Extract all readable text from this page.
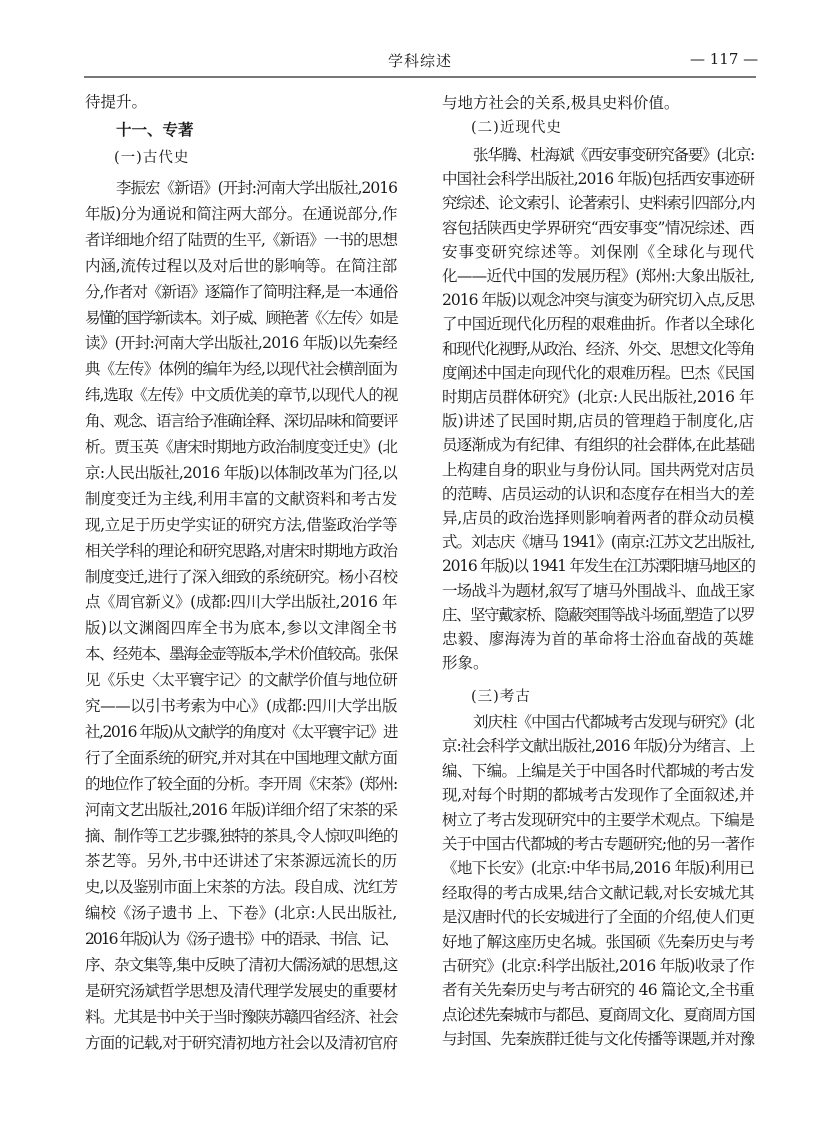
学科综述	— 117 —
待提升。
十一、专著
(一)古代史
李振宏《新语》(开封:河南大学出版社,2016
年版)分为通说和简注两大部分。在通说部分,作
者详细地介绍了陆贾的生平,《新语》一书的思想
内涵,流传过程以及对后世的影响等。在简注部
分,作者对《新语》逐篇作了简明注释,是一本通俗
易懂的国学新读本。刘子威、顾艳著《〈左传〉如是
读》(开封:河南大学出版社,2016 年版)以先秦经
典《左传》体例的编年为经,以现代社会横剖面为
纬,选取《左传》中文质优美的章节,以现代人的视
角、观念、语言给予准确诠释、深切品味和简要评
析。贾玉英《唐宋时期地方政治制度变迁史》(北
京:人民出版社,2016 年版)以体制改革为门径,以
制度变迁为主线,利用丰富的文献资料和考古发
现,立足于历史学实证的研究方法,借鉴政治学等
相关学科的理论和研究思路,对唐宋时期地方政治
制度变迁,进行了深入细致的系统研究。杨小召校
点《周官新义》(成都:四川大学出版社,2016 年
版)以文渊阁四库全书为底本,参以文津阁全书
本、经苑本、墨海金壶等版本,学术价值较高。张保
见《乐史〈太平寰宇记〉的文献学价值与地位研
究——以引书考索为中心》(成都:四川大学出版
社,2016 年版)从文献学的角度对《太平寰宇记》进
行了全面系统的研究,并对其在中国地理文献方面
的地位作了较全面的分析。李开周《宋茶》(郑州:
河南文艺出版社,2016 年版)详细介绍了宋茶的采
摘、制作等工艺步骤,独特的茶具,令人惊叹叫绝的
茶艺等。另外,书中还讲述了宋茶源远流长的历
史,以及鉴别市面上宋茶的方法。段自成、沈红芳
编校《汤子遗书 上、下卷》(北京:人民出版社,
2016 年版)认为《汤子遗书》中的语录、书信、记、
序、杂文集等,集中反映了清初大儒汤斌的思想,这
是研究汤斌哲学思想及清代理学发展史的重要材
料。尤其是书中关于当时豫陕苏赣四省经济、社会
方面的记载,对于研究清初地方社会以及清初官府
与地方社会的关系,极具史料价值。
(二)近现代史
张华腾、杜海斌《西安事变研究备要》(北京:
中国社会科学出版社,2016 年版)包括西安事迹研
究综述、论文索引、论著索引、史料索引四部分,内
容包括陕西史学界研究“西安事变”情况综述、西
安事变研究综述等。刘保刚《全球化与现代
化——近代中国的发展历程》(郑州:大象出版社,
2016 年版)以观念冲突与演变为研究切入点,反思
了中国近现代化历程的艰难曲折。作者以全球化
和现代化视野,从政治、经济、外交、思想文化等角
度阐述中国走向现代化的艰难历程。巴杰《民国
时期店员群体研究》(北京:人民出版社,2016 年
版)讲述了民国时期,店员的管理趋于制度化,店
员逐渐成为有纪律、有组织的社会群体,在此基础
上构建自身的职业与身份认同。国共两党对店员
的范畴、店员运动的认识和态度存在相当大的差
异,店员的政治选择则影响着两者的群众动员模
式。刘志庆《塘马 1941》(南京:江苏文艺出版社,
2016 年版)以 1941 年发生在江苏溧阳塘马地区的
一场战斗为题材,叙写了塘马外围战斗、血战王家
庄、坚守戴家桥、隐蔽突围等战斗场面,塑造了以罗
忠毅、廖海涛为首的革命将士浴血奋战的英雄
形象。
(三)考古
刘庆柱《中国古代都城考古发现与研究》(北
京:社会科学文献出版社,2016 年版)分为绪言、上
编、下编。上编是关于中国各时代都城的考古发
现,对每个时期的都城考古发现作了全面叙述,并
树立了考古发现研究中的主要学术观点。下编是
关于中国古代都城的考古专题研究;他的另一著作
《地下长安》(北京:中华书局,2016 年版)利用已
经取得的考古成果,结合文献记载,对长安城尤其
是汉唐时代的长安城进行了全面的介绍,使人们更
好地了解这座历史名城。张国硕《先秦历史与考
古研究》(北京:科学出版社,2016 年版)收录了作
者有关先秦历史与考古研究的 46 篇论文,全书重
点论述先秦城市与都邑、夏商周文化、夏商周方国
与封国、先秦族群迁徙与文化传播等课题,并对豫
